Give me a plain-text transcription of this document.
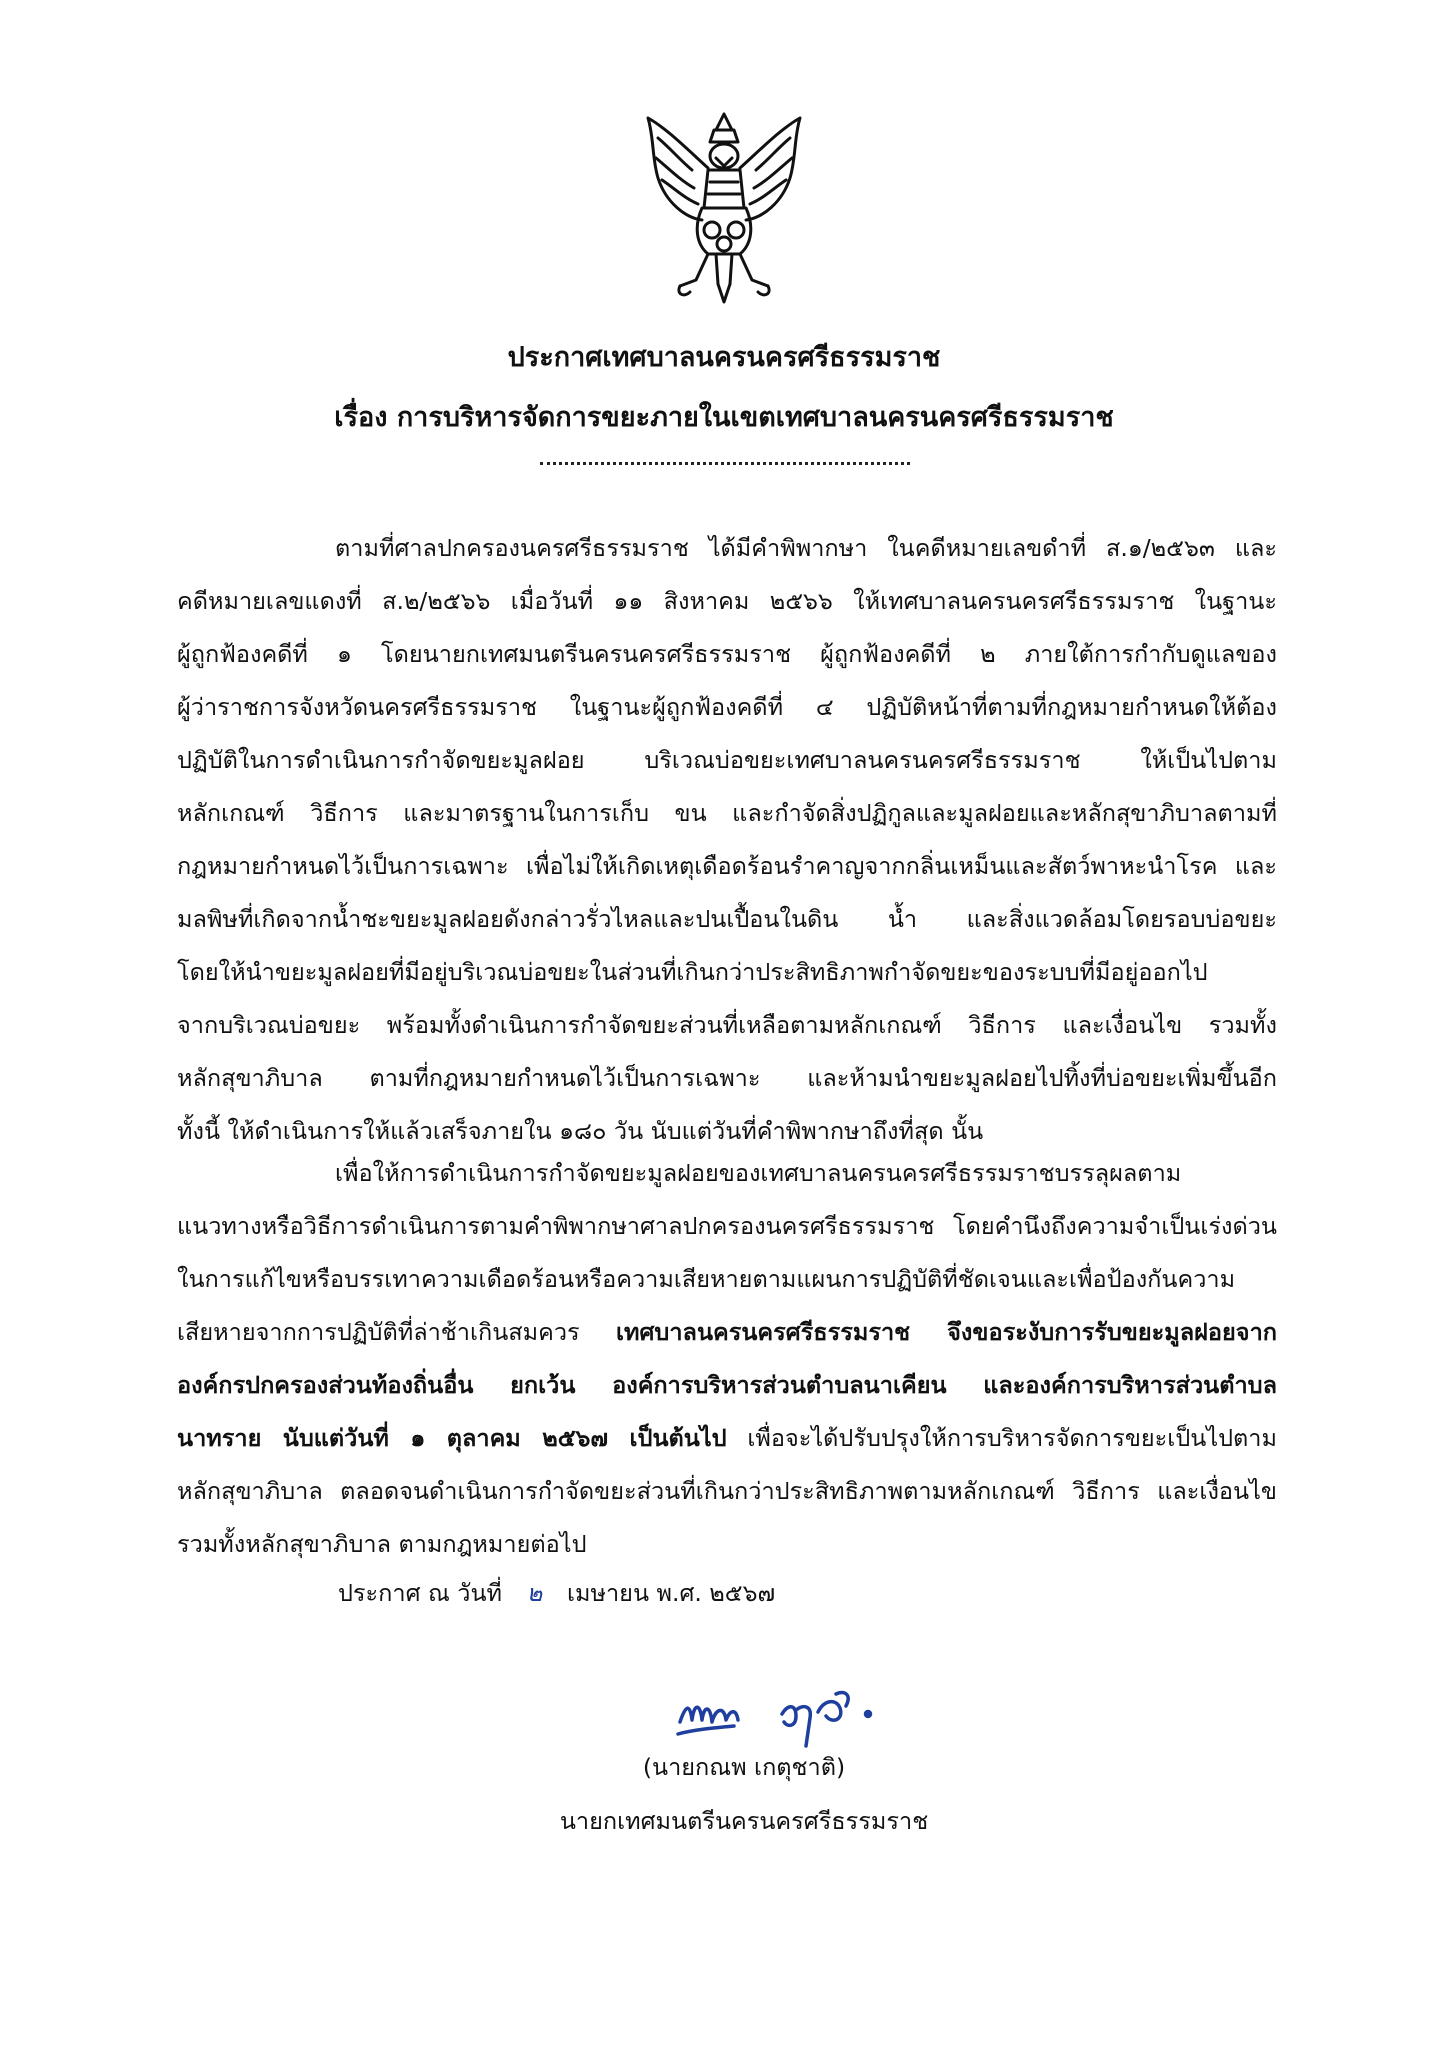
ประกาศเทศบาลนครนครศรีธรรมราช
เรื่อง การบริหารจัดการขยะภายในเขตเทศบาลนครนครศรีธรรมราช
ตามที่ศาลปกครองนครศรีธรรมราช ได้มีคำพิพากษา ในคดีหมายเลขดำที่ ส.๑/๒๕๖๓ และ
คดีหมายเลขแดงที่ ส.๒/๒๕๖๖ เมื่อวันที่ ๑๑ สิงหาคม ๒๕๖๖ ให้เทศบาลนครนครศรีธรรมราช ในฐานะ
ผู้ถูกฟ้องคดีที่ ๑ โดยนายกเทศมนตรีนครนครศรีธรรมราช ผู้ถูกฟ้องคดีที่ ๒ ภายใต้การกำกับดูแลของ
ผู้ว่าราชการจังหวัดนครศรีธรรมราช ในฐานะผู้ถูกฟ้องคดีที่ ๔ ปฏิบัติหน้าที่ตามที่กฎหมายกำหนดให้ต้อง
ปฏิบัติในการดำเนินการกำจัดขยะมูลฝอย บริเวณบ่อขยะเทศบาลนครนครศรีธรรมราช ให้เป็นไปตาม
หลักเกณฑ์ วิธีการ และมาตรฐานในการเก็บ ขน และกำจัดสิ่งปฏิกูลและมูลฝอยและหลักสุขาภิบาลตามที่
กฎหมายกำหนดไว้เป็นการเฉพาะ เพื่อไม่ให้เกิดเหตุเดือดร้อนรำคาญจากกลิ่นเหม็นและสัตว์พาหะนำโรค และ
มลพิษที่เกิดจากน้ำชะขยะมูลฝอยดังกล่าวรั่วไหลและปนเปื้อนในดิน น้ำ และสิ่งแวดล้อมโดยรอบบ่อขยะ
โดยให้นำขยะมูลฝอยที่มีอยู่บริเวณบ่อขยะในส่วนที่เกินกว่าประสิทธิภาพกำจัดขยะของระบบที่มีอยู่ออกไป
จากบริเวณบ่อขยะ พร้อมทั้งดำเนินการกำจัดขยะส่วนที่เหลือตามหลักเกณฑ์ วิธีการ และเงื่อนไข รวมทั้ง
หลักสุขาภิบาล ตามที่กฎหมายกำหนดไว้เป็นการเฉพาะ และห้ามนำขยะมูลฝอยไปทิ้งที่บ่อขยะเพิ่มขึ้นอีก
ทั้งนี้ ให้ดำเนินการให้แล้วเสร็จภายใน ๑๘๐ วัน นับแต่วันที่คำพิพากษาถึงที่สุด นั้น
เพื่อให้การดำเนินการกำจัดขยะมูลฝอยของเทศบาลนครนครศรีธรรมราชบรรลุผลตาม
แนวทางหรือวิธีการดำเนินการตามคำพิพากษาศาลปกครองนครศรีธรรมราช โดยคำนึงถึงความจำเป็นเร่งด่วน
ในการแก้ไขหรือบรรเทาความเดือดร้อนหรือความเสียหายตามแผนการปฏิบัติที่ชัดเจนและเพื่อป้องกันความ
เสียหายจากการปฏิบัติที่ล่าช้าเกินสมควร เทศบาลนครนครศรีธรรมราช จึงขอระงับการรับขยะมูลฝอยจาก
องค์กรปกครองส่วนท้องถิ่นอื่น ยกเว้น องค์การบริหารส่วนตำบลนาเคียน และองค์การบริหารส่วนตำบล
นาทราย นับแต่วันที่ ๑ ตุลาคม ๒๕๖๗ เป็นต้นไป เพื่อจะได้ปรับปรุงให้การบริหารจัดการขยะเป็นไปตาม
หลักสุขาภิบาล ตลอดจนดำเนินการกำจัดขยะส่วนที่เกินกว่าประสิทธิภาพตามหลักเกณฑ์ วิธีการ และเงื่อนไข
รวมทั้งหลักสุขาภิบาล ตามกฎหมายต่อไป
ประกาศ ณ วันที่ ๒ เมษายน พ.ศ. ๒๕๖๗
(นายกณพ เกตุชาติ)
นายกเทศมนตรีนครนครศรีธรรมราช
